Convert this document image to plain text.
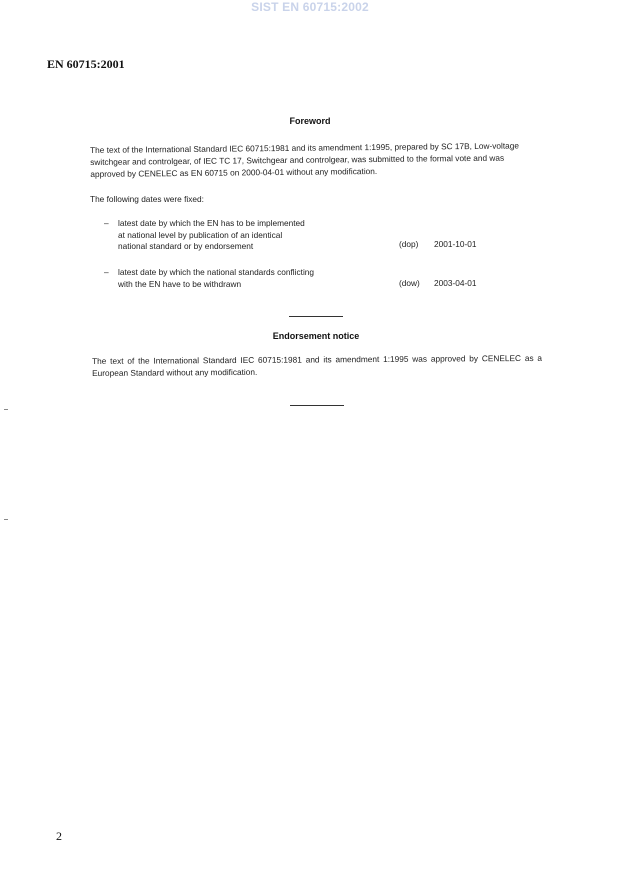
SIST EN 60715:2002
EN 60715:2001
Foreword
The text of the International Standard IEC 60715:1981 and its amendment 1:1995, prepared by SC 17B, Low-voltage switchgear and controlgear, of IEC TC 17, Switchgear and controlgear, was submitted to the formal vote and was approved by CENELEC as EN 60715 on 2000-04-01 without any modification.
The following dates were fixed:
– latest date by which the EN has to be implemented
at national level by publication of an identical
national standard or by endorsement	(dop) 2001-10-01
– latest date by which the national standards conflicting
with the EN have to be withdrawn	(dow) 2003-04-01
Endorsement notice
The text of the International Standard IEC 60715:1981 and its amendment 1:1995 was approved by CENELEC as a European Standard without any modification.
2
